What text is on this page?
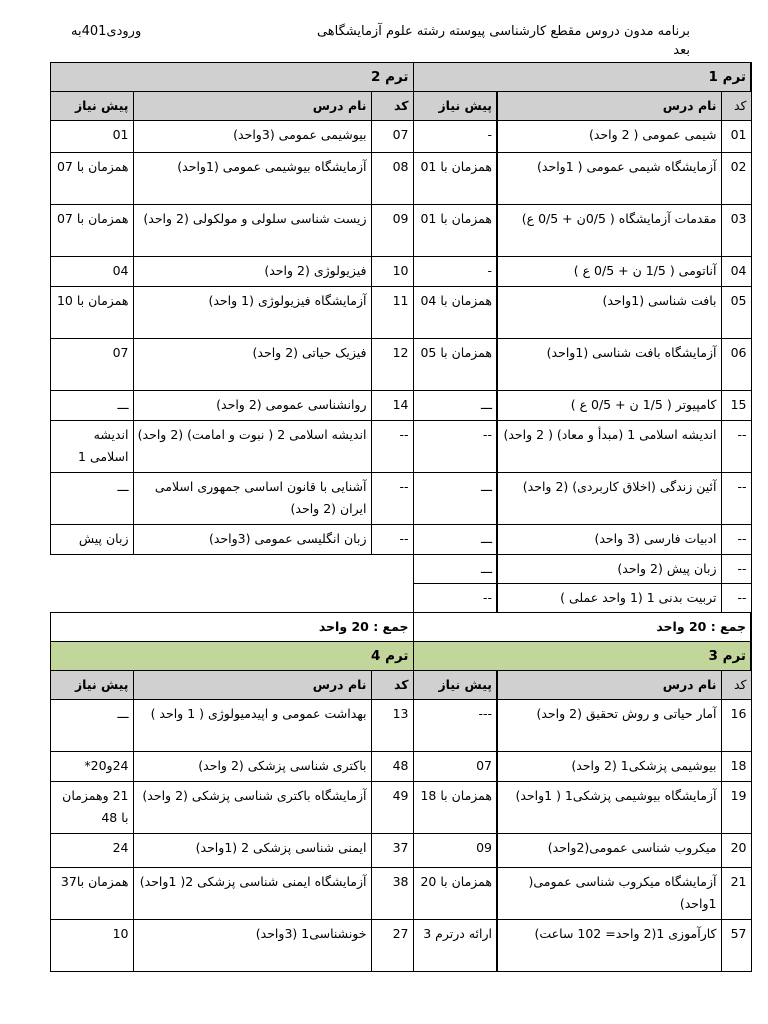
برنامه مدون دروس مقطع کارشناسی پیوسته رشته علوم آزمایشگاهی
بعد
ورودی401به
ترم 1			ترم 2		
کد	نام درس	پیش نیاز	کد	نام درس	پیش نیاز
01	شیمی عمومی ( 2 واحد)	-	07	بیوشیمی عمومی (3واحد)	01
02	آزمایشگاه شیمی عمومی ( 1واحد)	همزمان با 01	08	آزمایشگاه بیوشیمی عمومی (1واحد)	همزمان با 07
03	مقدمات آزمایشگاه ( 0/5ن + 0/5 ع)	همزمان با 01	09	زیست شناسی سلولی و مولکولی (2 واحد)	همزمان با 07
04	آناتومی ( 1/5 ن + 0/5 ع )	-	10	فیزیولوژی (2 واحد)	04
05	بافت شناسی (1واحد)	همزمان با 04	11	آزمایشگاه فیزیولوژی (1 واحد)	همزمان با 10
06	آزمایشگاه بافت شناسی (1واحد)	همزمان با 05	12	فیزیک حیاتی (2 واحد)	07
15	کامپیوتر ( 1/5 ن + 0/5 ع )	ـــ	14	روانشناسی عمومی (2 واحد)	ـــ
--	اندیشه اسلامی 1 (مبدأ و معاد) ( 2 واحد)	--	--	اندیشه اسلامی 2 ( نبوت و امامت) (2 واحد)	اندیشه اسلامی 1
--	آئین زندگی (اخلاق کاربردی) (2 واحد)	ـــ	--	آشنایی با قانون اساسی جمهوری اسلامی ایران (2 واحد)	ـــ
--	ادبیات فارسی (3 واحد)	ـــ	--	زبان انگلیسی عمومی (3واحد)	زبان پیش
--	زبان پیش (2 واحد)	ـــ			
--	تربیت بدنی 1 (1 واحد عملی )	--			
جمع : 20 واحد			جمع : 20 واحد		
ترم 3			ترم 4		
کد	نام درس	پیش نیاز	کد	نام درس	پیش نیاز
16	آمار حیاتی و روش تحقیق (2 واحد)	---	13	بهداشت عمومی و اپیدمیولوژی ( 1 واحد )	ـــ
18	بیوشیمی پزشکی1 (2 واحد)	07	48	باکتری شناسی پزشکی (2 واحد)	24و20*
19	آزمایشگاه بیوشیمی پزشکی1 ( 1واحد)	همزمان با 18	49	آزمایشگاه باکتری شناسی پزشکی (2 واحد)	21 وهمزمان با 48
20	میکروب شناسی عمومی(2واحد)	09	37	ایمنی شناسی پزشکی 2 (1واحد)	24
21	آزمایشگاه میکروب شناسی عمومی( 1واحد)	همزمان با 20	38	آزمایشگاه ایمنی شناسی پزشکی 2( 1واحد)	همزمان با37
57	کارآموزی 1(2 واحد= 102 ساعت)	ارائه درترم 3	27	خونشناسی1 (3واحد)	10
